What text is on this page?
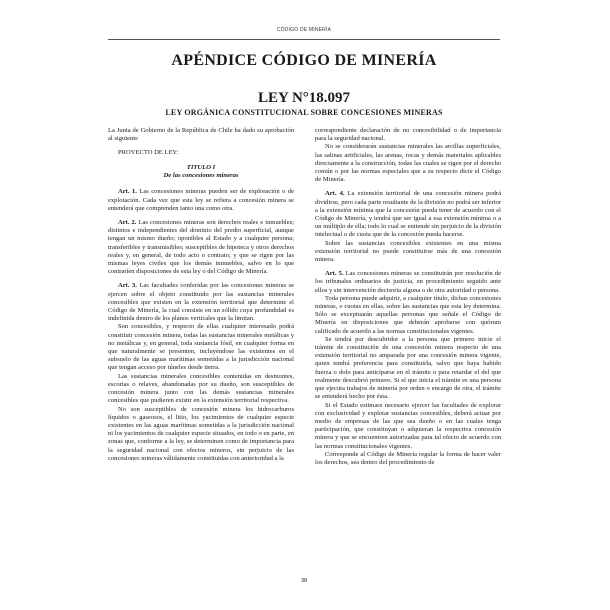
CÓDIGO DE MINERÍA
APÉNDICE CÓDIGO DE MINERÍA
LEY N°18.097
LEY ORGÁNICA CONSTITUCIONAL SOBRE CONCESIONES MINERAS

La Junta de Gobierno de la República de Chile ha dado su aprobación al siguiente

PROYECTO DE LEY:

TITULO I
De las concesiones mineras

Art. 1. Las concesiones mineras pueden ser de exploración o de explotación. Cada vez que esta ley se refiera a concesión minera se entenderá que comprenden tanto una como otra.

Art. 2. Las concesiones mineras son derechos reales e inmuebles; distintos e independientes del dominio del predio superficial, aunque tengan un mismo dueño; oponibles al Estado y a cualquier persona; transferibles y transmisibles; susceptibles de hipoteca y otros derechos reales y, en general, de todo acto o contrato; y que se rigen por las mismas leyes civiles que los demás inmuebles, salvo en lo que contraríen disposiciones de esta ley o del Código de Minería.

Art. 3. Las facultades conferidas por las concesiones mineras se ejercen sobre el objeto constituido por las sustancias minerales concesibles que existen en la extensión territorial que determine el Código de Minería, la cual consiste en un sólido cuya profundidad es indefinida dentro de los planos verticales que la limitan.

Son concesibles, y respecto de ellas cualquier interesado podrá constituir concesión minera, todas las sustancias minerales metálicas y no metálicas y, en general, toda sustancia fósil, en cualquier forma en que naturalmente se presenten, incluyéndose las existentes en el subsuelo de las aguas marítimas sometidas a la jurisdicción nacional que tengan acceso por túneles desde tierra.

Las sustancias minerales concesibles contenidas en desmontes, escorias o relaves, abandonadas por su dueño, son susceptibles de concesión minera junto con las demás sustancias minerales concesibles que pudieren existir en la extensión territorial respectiva.

No son susceptibles de concesión minera los hidrocarburos líquidos o gaseosos, el litio, los yacimientos de cualquier especie existentes en las aguas marítimas sometidas a la jurisdicción nacional ni los yacimientos de cualquier especie situados, en todo o en parte, en zonas que, conforme a la ley, se determinen como de importancia para la seguridad nacional con efectos mineros, sin perjuicio de las concesiones mineras válidamente constituidas con anterioridad a la

correspondiente declaración de no concesibilidad o de importancia para la seguridad nacional.

No se considerarán sustancias minerales las arcillas superficiales, las salinas artificiales, las arenas, rocas y demás materiales aplicables directamente a la construcción, todas las cuales se rigen por el derecho común o por las normas especiales que a su respecto dicte el Código de Minería.

Art. 4. La extensión territorial de una concesión minera podrá dividirse, pero cada parte resultante de la división no podrá ser inferior a la extensión mínima que la concesión pueda tener de acuerdo con el Código de Minería, y tendrá que ser igual a esa extensión mínima o a un múltiplo de ella; todo lo cual se entiende sin perjuicio de la división intelectual o de cuota que de la concesión pueda hacerse.

Sobre las sustancias concesibles existentes en una misma extensión territorial no puede constituirse más de una concesión minera.

Art. 5. Las concesiones mineras se constituirán por resolución de los tribunales ordinarios de justicia, en procedimiento seguido ante ellos y sin intervención decisoria alguna o de otra autoridad o persona.

Toda persona puede adquirir, a cualquier título, dichas concesiones mineras, o cuotas en ellas, sobre las sustancias que esta ley determina. Sólo se exceptuarán aquellas personas que señale el Código de Minería en disposiciones que deberán aprobarse con quórum calificado de acuerdo a las normas constitucionales vigentes.

Se tendrá por descubridor a la persona que primero inicie el trámite de constitución de una concesión minera respecto de una extensión territorial no amparada por una concesión minera vigente, quien tendrá preferencia para constituirla, salvo que haya habido fuerza o dolo para anticiparse en el trámite o para retardar el del que realmente descubrió primero. Si el que inicia el trámite es una persona que ejecuta trabajos de minería por orden o encargo de otra, el trámite se entenderá hecho por ésta.

Si el Estado estimare necesario ejercer las facultades de explorar con exclusividad y explotar sustancias concesibles, deberá actuar por medio de empresas de las que sea dueño o en las cuales tenga participación, que constituyan o adquieran la respectiva concesión minera y que se encuentren autorizadas para tal efecto de acuerdo con las normas constitucionales vigentes.

Corresponde al Código de Minería regular la forma de hacer valer los derechos, sea dentro del procedimiento de

38
